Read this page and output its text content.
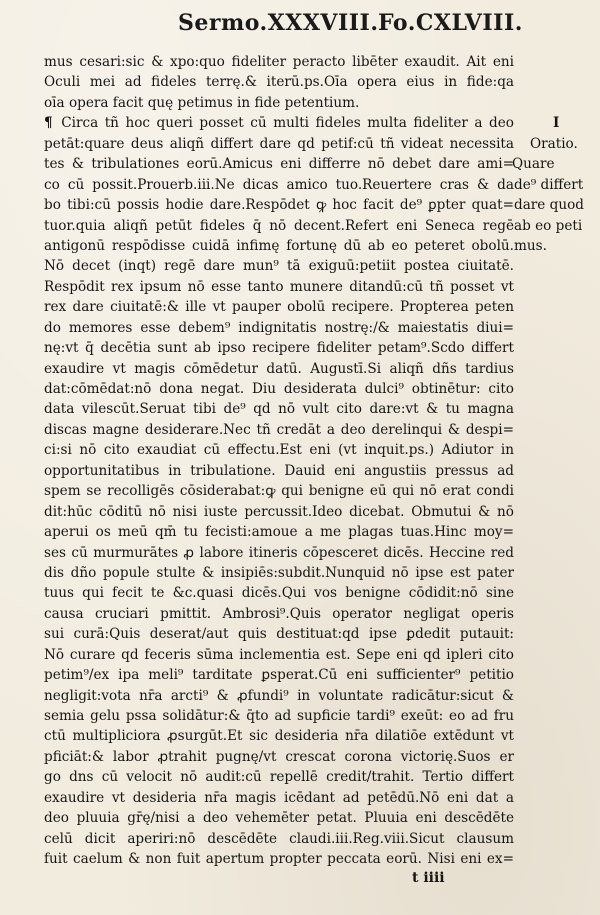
Sermo.XXXVIII. Fo.CXLVIII.
mus cesari:sic & xpo:quo fideliter peracto libēter exaudit. Ait eni
Oculi mei ad fideles terrę.& iterū.ps.Oīa opera eius in fide:qa
oīa opera facit quę petimus in fide petentium.
¶ Circa tñ hoc queri posset cū multi fideles multa fideliter a deo
petāt:quare deus aliqñ differt dare qd petif:cū tñ videat necessita
tes & tribulationes eorū.Amicus eni differre nō debet dare ami=
co cū possit.Prouerb.iii.Ne dicas amico tuo.Reuertere cras & da
bo tibi:cū possis hodie dare.Respōdet ꝙ hoc facit de⁹ ꝑpter quat=
tuor.quia aliqñ petūt fideles q̄ nō decent.Refert eni Seneca regē
antigonū respōdisse cuidā infimę fortunę dū ab eo peteret obolū.
Nō decet (inqt) regē dare mun⁹ tā exiguū:petiit postea ciuitatē.
Respōdit rex ipsum nō esse tanto munere ditandū:cū tñ posset vt
rex dare ciuitatē:& ille vt pauper obolū recipere. Propterea peten
do memores esse debem⁹ indignitatis nostrę:/& maiestatis diui=
nę:vt q̄ decētia sunt ab ipso recipere fideliter petam⁹.Scdo differt
exaudire vt magis cōmēdetur datū. Augustī.Si aliqñ dñs tardius
dat:cōmēdat:nō dona negat. Diu desiderata dulci⁹ obtinētur: cito
data vilescūt.Seruat tibi de⁹ qd nō vult cito dare:vt & tu magna
discas magne desiderare.Nec tñ credāt a deo derelinqui & despi=
ci:si nō cito exaudiat cū effectu.Est eni (vt inquit.ps.) Adiutor in
opportunitatibus in tribulatione. Dauid eni angustiis pressus ad
spem se recolligēs cōsiderabat:ꝙ qui benigne eū qui nō erat condi
dit:hūc cōditū nō nisi iuste percussit.Ideo dicebat. Obmutui & nō
aperui os meū qm̄ tu fecisti:amoue a me plagas tuas.Hinc moy=
ses cū murmurātes ꝓ labore itineris cōpesceret dicēs. Heccine red
dis dño popule stulte & insipiēs:subdit.Nunquid nō ipse est pater
tuus qui fecit te &c.quasi dicēs.Qui vos benigne cōdidit:nō sine
causa cruciari pmittit. Ambrosi⁹.Quis operator negligat operis
sui curā:Quis deserat/aut quis destituat:qd ipse ꝑdedit putauit:
Nō curare qd feceris sūma inclementia est. Sepe eni qd ipleri cito
petim⁹/ex ipa meli⁹ tarditate ꝑsperat.Cū eni sufficienter⁹ petitio
negligit:vota nr̄a arcti⁹ & ꝓfundi⁹ in voluntate radicātur:sicut &
semia gelu pssa solidātur:& q̄to ad supficie tardi⁹ exeūt: eo ad fru
ctū multipliciora ꝓsurgūt.Et sic desideria nr̄a dilatiōe extēdunt vt
pficiāt:& labor ꝓtrahit pugnę/vt crescat corona victorię.Suos er
go dns cū velocit nō audit:cū repellē credit/trahit. Tertio differt
exaudire vt desideria nr̄a magis icēdant ad petēdū.Nō eni dat a
deo pluuia gr̄ę/nisi a deo vehemēter petat. Pluuia eni descēdēte
celū dicit aperiri:nō descēdēte claudi.iii.Reg.viii.Sicut clausum
fuit caelum & non fuit apertum propter peccata eorū. Nisi eni ex=
I
Oratio.
Quare
de⁹ differt
dare quod
ab eo peti
mus.
t iiii
